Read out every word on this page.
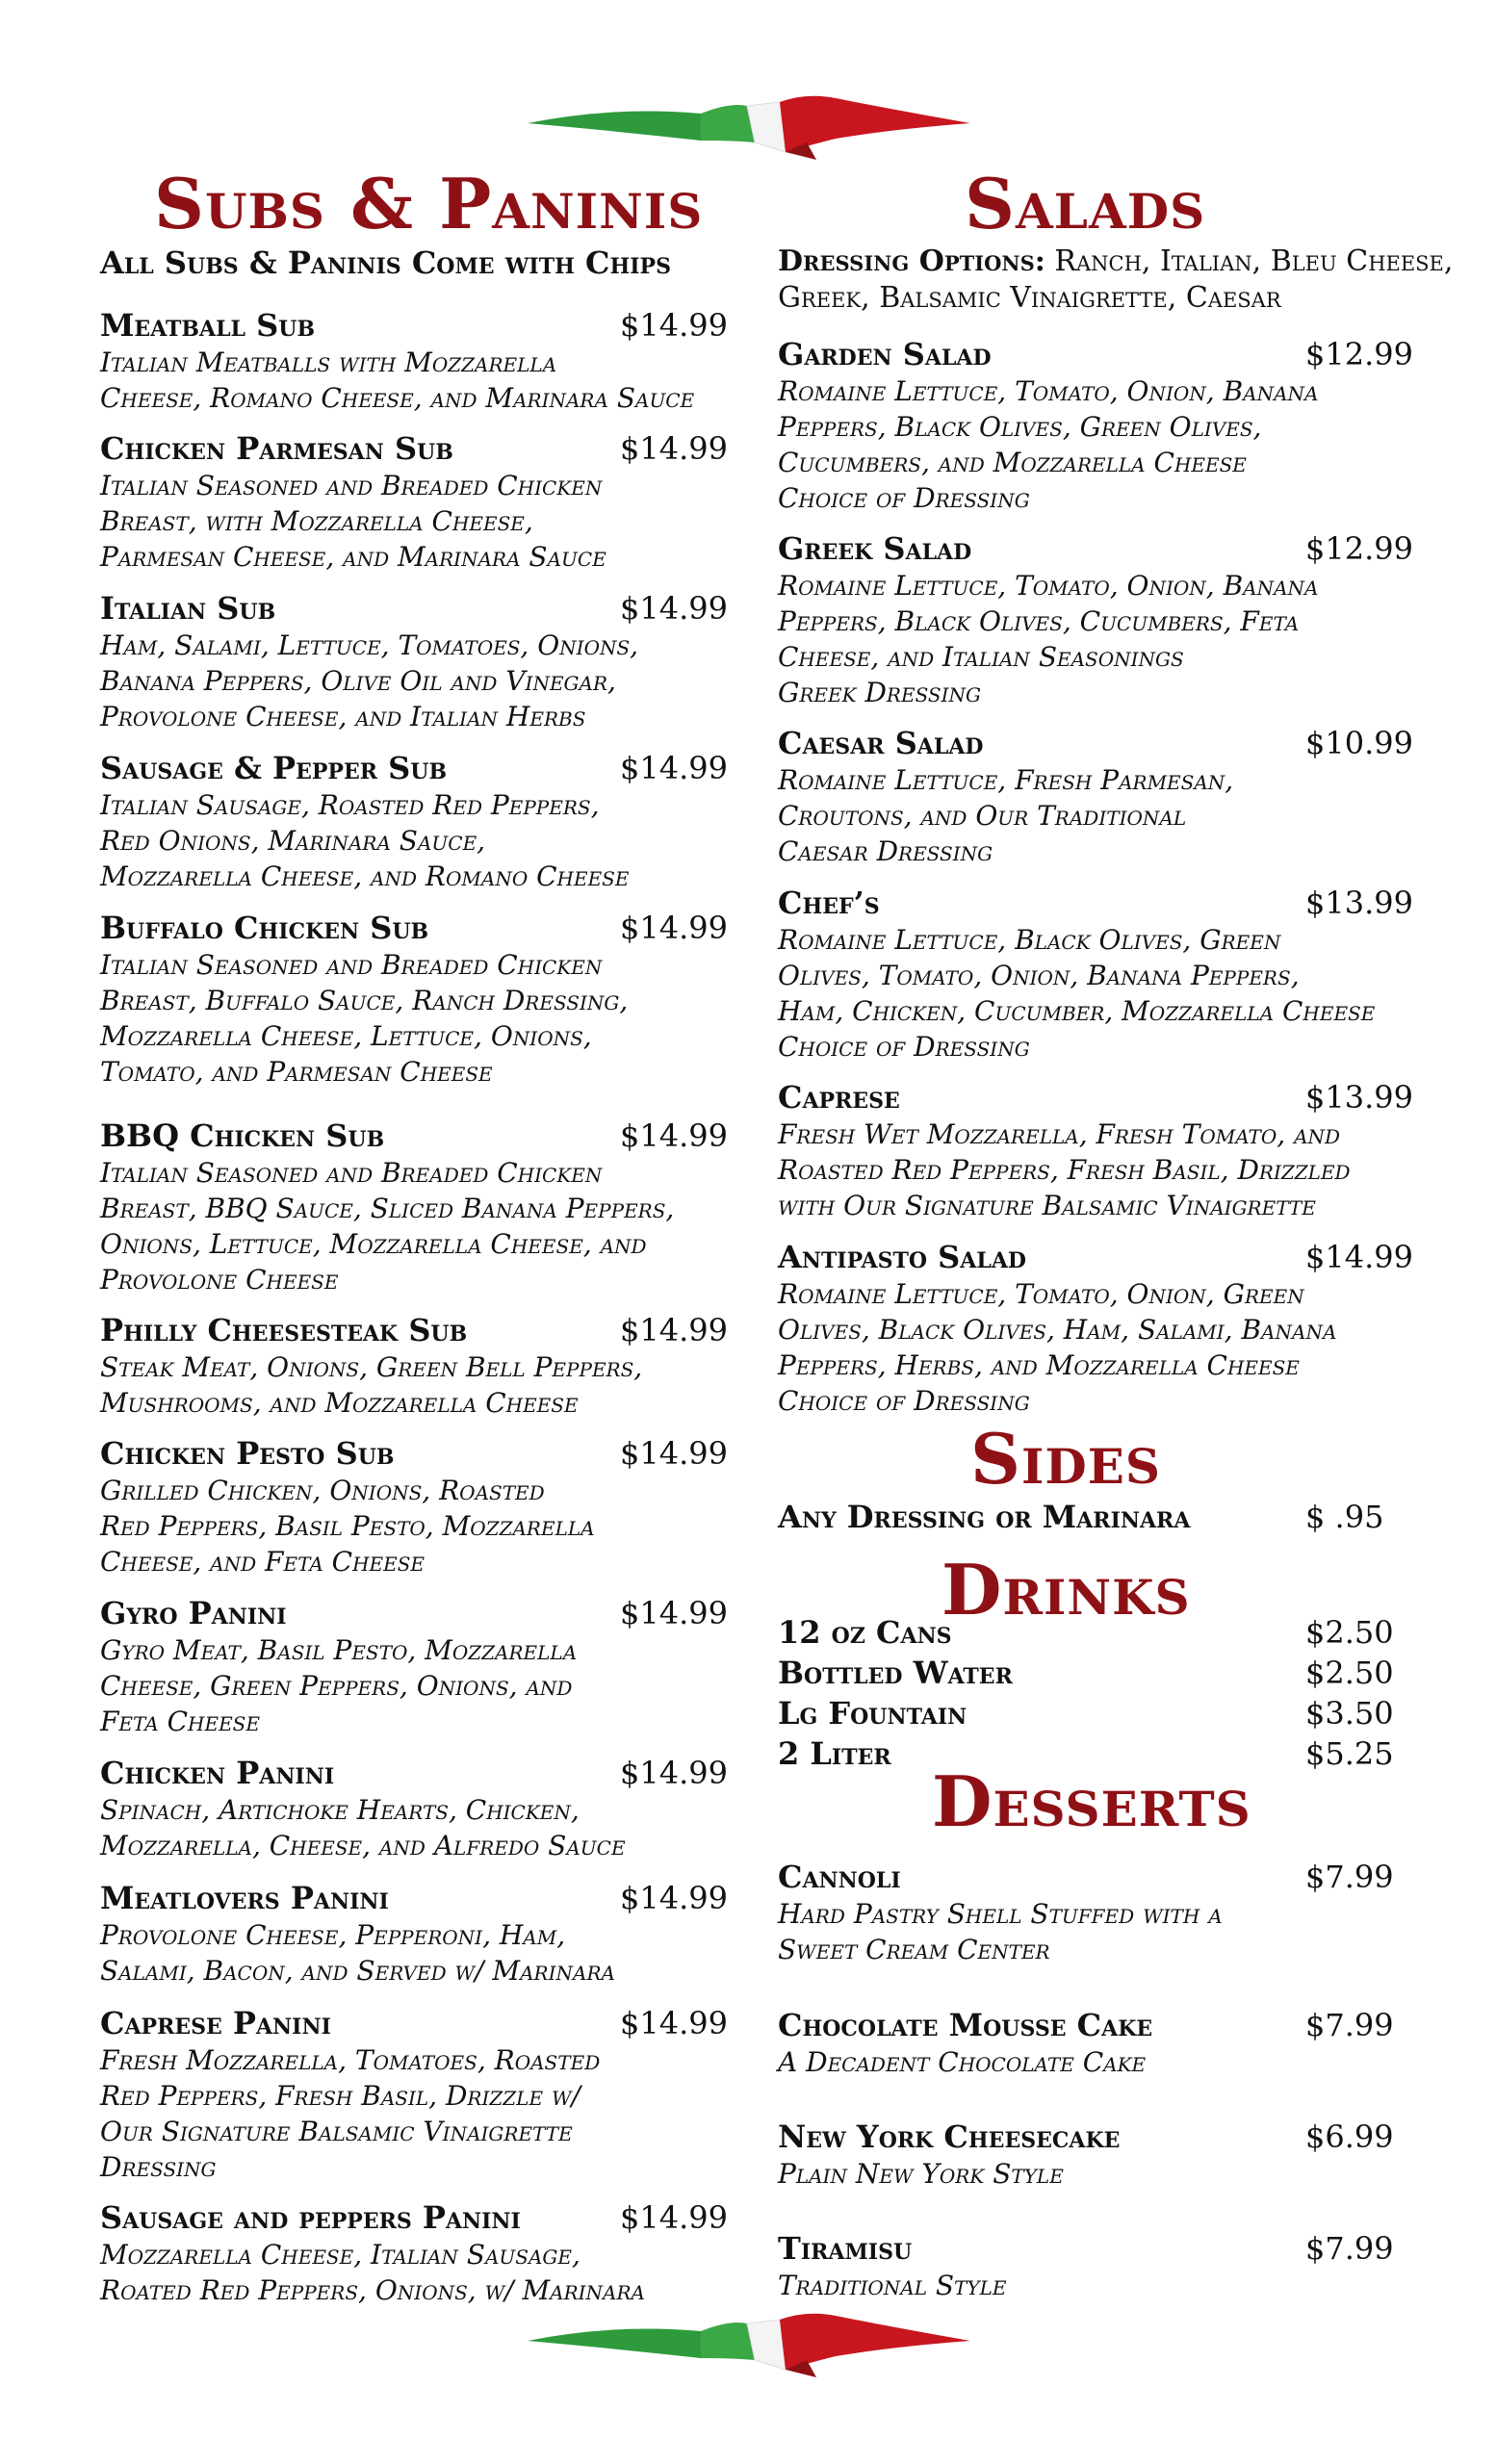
Subs & Paninis
All Subs & Paninis Come with Chips
Meatball Sub	$14.99
Italian Meatballs with Mozzarella
Cheese, Romano Cheese, and Marinara Sauce
Chicken Parmesan Sub	$14.99
Italian Seasoned and Breaded Chicken
Breast, with Mozzarella Cheese,
Parmesan Cheese, and Marinara Sauce
Italian Sub	$14.99
Ham, Salami, Lettuce, Tomatoes, Onions,
Banana Peppers, Olive Oil and Vinegar,
Provolone Cheese, and Italian Herbs
Sausage & Pepper Sub	$14.99
Italian Sausage, Roasted Red Peppers,
Red Onions, Marinara Sauce,
Mozzarella Cheese, and Romano Cheese
Buffalo Chicken Sub	$14.99
Italian Seasoned and Breaded Chicken
Breast, Buffalo Sauce, Ranch Dressing,
Mozzarella Cheese, Lettuce, Onions,
Tomato, and Parmesan Cheese
BBQ Chicken Sub	$14.99
Italian Seasoned and Breaded Chicken
Breast, BBQ Sauce, Sliced Banana Peppers,
Onions, Lettuce, Mozzarella Cheese, and
Provolone Cheese
Philly Cheesesteak Sub	$14.99
Steak Meat, Onions, Green Bell Peppers,
Mushrooms, and Mozzarella Cheese
Chicken Pesto Sub	$14.99
Grilled Chicken, Onions, Roasted
Red Peppers, Basil Pesto, Mozzarella
Cheese, and Feta Cheese
Gyro Panini	$14.99
Gyro Meat, Basil Pesto, Mozzarella
Cheese, Green Peppers, Onions, and
Feta Cheese
Chicken Panini	$14.99
Spinach, Artichoke Hearts, Chicken,
Mozzarella, Cheese, and Alfredo Sauce
Meatlovers Panini	$14.99
Provolone Cheese, Pepperoni, Ham,
Salami, Bacon, and Served w/ Marinara
Caprese Panini	$14.99
Fresh Mozzarella, Tomatoes, Roasted
Red Peppers, Fresh Basil, Drizzle w/
Our Signature Balsamic Vinaigrette
Dressing
Sausage and peppers Panini	$14.99
Mozzarella Cheese, Italian Sausage,
Roated Red Peppers, Onions, w/ Marinara
Salads
Dressing Options: Ranch, Italian, Bleu Cheese,
Greek, Balsamic Vinaigrette, Caesar
Garden Salad	$12.99
Romaine Lettuce, Tomato, Onion, Banana
Peppers, Black Olives, Green Olives,
Cucumbers, and Mozzarella Cheese
Choice of Dressing
Greek Salad	$12.99
Romaine Lettuce, Tomato, Onion, Banana
Peppers, Black Olives, Cucumbers, Feta
Cheese, and Italian Seasonings
Greek Dressing
Caesar Salad	$10.99
Romaine Lettuce, Fresh Parmesan,
Croutons, and Our Traditional
Caesar Dressing
Chef’s	$13.99
Romaine Lettuce, Black Olives, Green
Olives, Tomato, Onion, Banana Peppers,
Ham, Chicken, Cucumber, Mozzarella Cheese
Choice of Dressing
Caprese	$13.99
Fresh Wet Mozzarella, Fresh Tomato, and
Roasted Red Peppers, Fresh Basil, Drizzled
with Our Signature Balsamic Vinaigrette
Antipasto Salad	$14.99
Romaine Lettuce, Tomato, Onion, Green
Olives, Black Olives, Ham, Salami, Banana
Peppers, Herbs, and Mozzarella Cheese
Choice of Dressing
Sides
Any Dressing or Marinara	$ .95
Drinks
12 oz Cans	$2.50
Bottled Water	$2.50
Lg Fountain	$3.50
2 Liter	$5.25
Desserts
Cannoli	$7.99
Hard Pastry Shell Stuffed with a
Sweet Cream Center
Chocolate Mousse Cake	$7.99
A Decadent Chocolate Cake
New York Cheesecake	$6.99
Plain New York Style
Tiramisu	$7.99
Traditional Style
